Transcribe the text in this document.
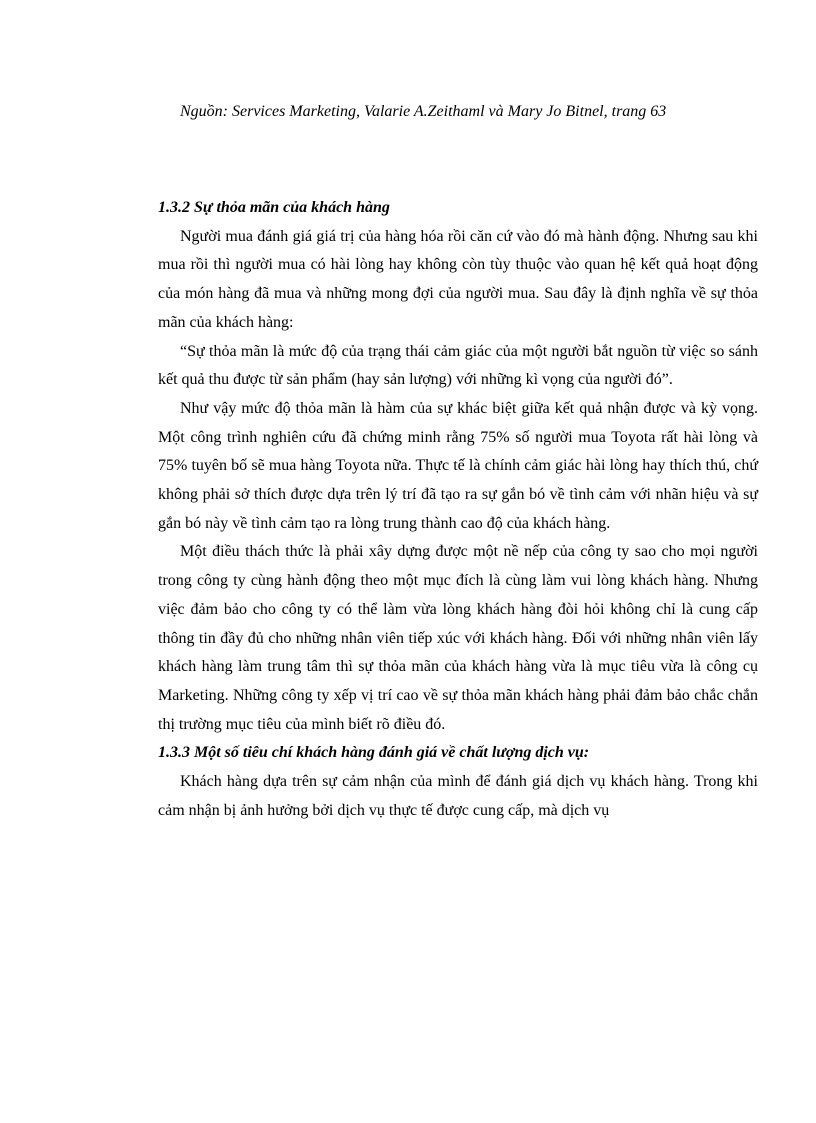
Nguồn: Services Marketing, Valarie A.Zeithaml và Mary Jo Bitnel, trang 63

1.3.2 Sự thỏa mãn của khách hàng

Người mua đánh giá giá trị của hàng hóa rồi căn cứ vào đó mà hành động. Nhưng sau khi mua rồi thì người mua có hài lòng hay không còn tùy thuộc vào quan hệ kết quả hoạt động của món hàng đã mua và những mong đợi của người mua. Sau đây là định nghĩa về sự thỏa mãn của khách hàng:

“Sự thỏa mãn là mức độ của trạng thái cảm giác của một người bắt nguồn từ việc so sánh kết quả thu được từ sản phẩm (hay sản lượng) với những kì vọng của người đó”.

Như vậy mức độ thỏa mãn là hàm của sự khác biệt giữa kết quả nhận được và kỳ vọng. Một công trình nghiên cứu đã chứng minh rằng 75% số người mua Toyota rất hài lòng và 75% tuyên bố sẽ mua hàng Toyota nữa. Thực tế là chính cảm giác hài lòng hay thích thú, chứ không phải sở thích được dựa trên lý trí đã tạo ra sự gắn bó về tình cảm với nhãn hiệu và sự gắn bó này về tình cảm tạo ra lòng trung thành cao độ của khách hàng.

Một điều thách thức là phải xây dựng được một nề nếp của công ty sao cho mọi người trong công ty cùng hành động theo một mục đích là cùng làm vui lòng khách hàng. Nhưng việc đảm bảo cho công ty có thể làm vừa lòng khách hàng đòi hỏi không chỉ là cung cấp thông tin đầy đủ cho những nhân viên tiếp xúc với khách hàng. Đối với những nhân viên lấy khách hàng làm trung tâm thì sự thỏa mãn của khách hàng vừa là mục tiêu vừa là công cụ Marketing. Những công ty xếp vị trí cao về sự thỏa mãn khách hàng phải đảm bảo chắc chắn thị trường mục tiêu của mình biết rõ điều đó.

1.3.3 Một số tiêu chí khách hàng đánh giá về chất lượng dịch vụ:

Khách hàng dựa trên sự cảm nhận của mình để đánh giá dịch vụ khách hàng. Trong khi cảm nhận bị ảnh hưởng bởi dịch vụ thực tế được cung cấp, mà dịch vụ
